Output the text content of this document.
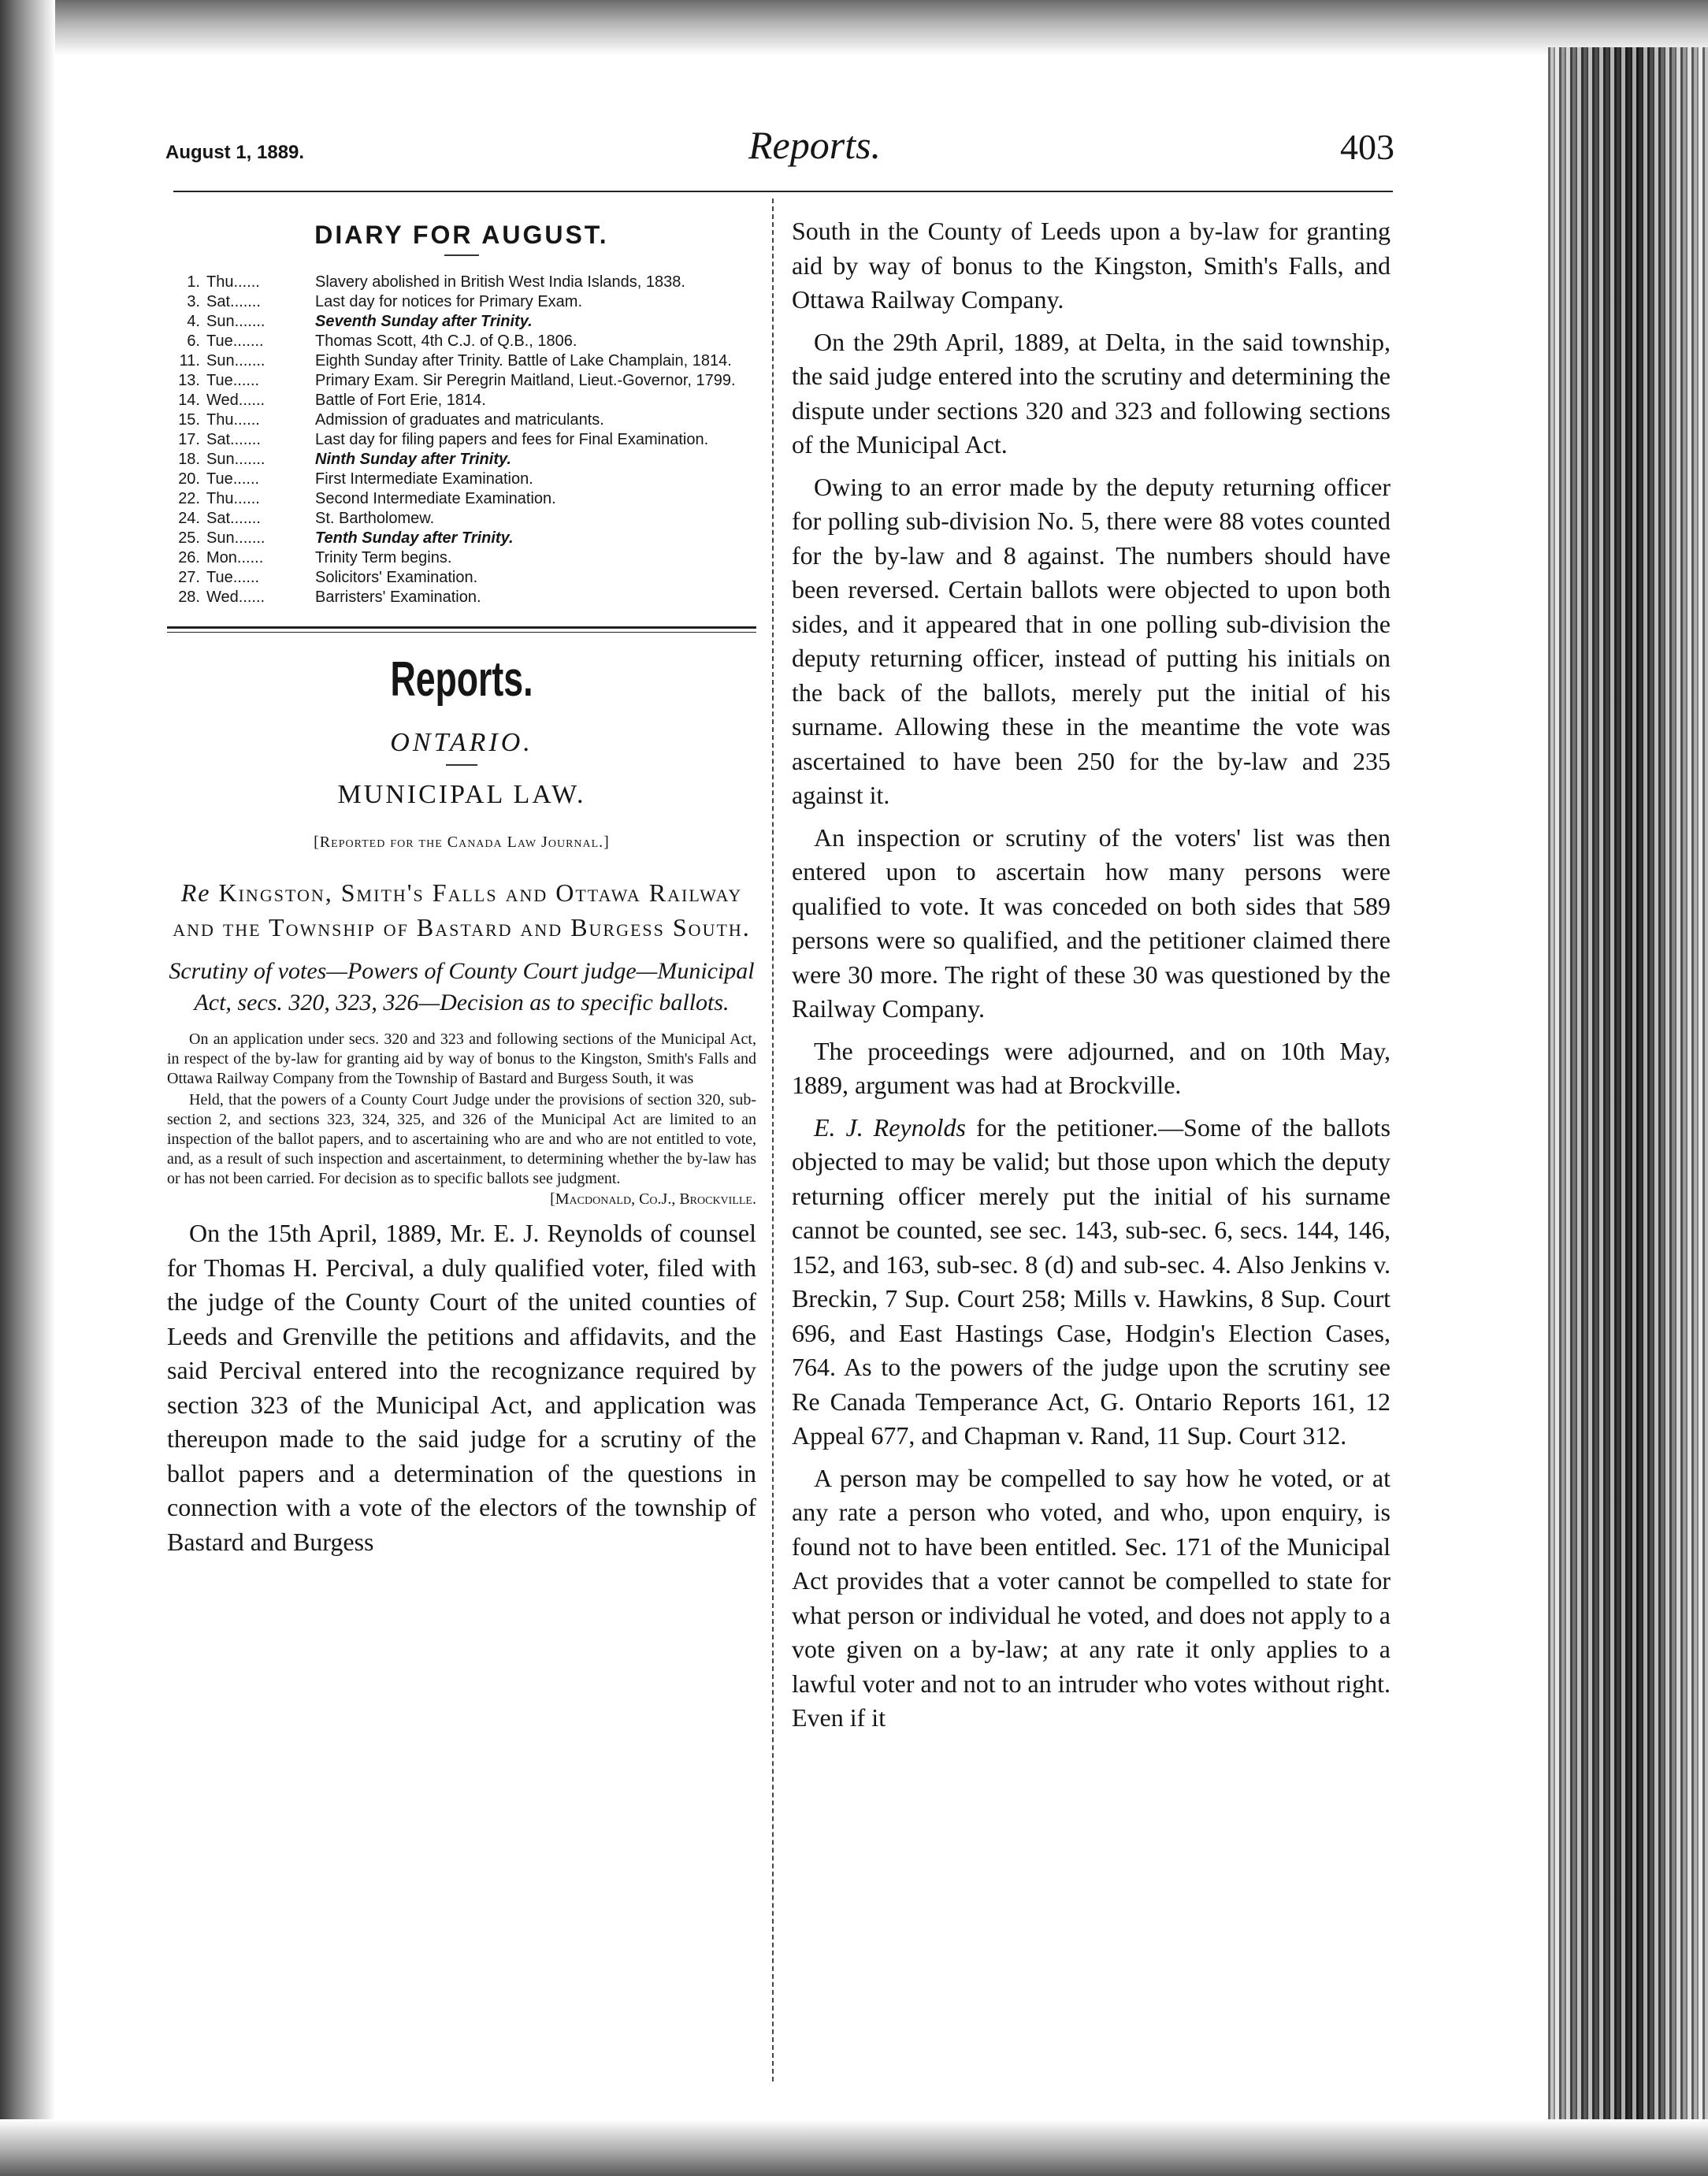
August 1, 1889.	Reports.	403
DIARY FOR AUGUST.
1. Thu......	Slavery abolished in British West India Islands, 1838.
3. Sat.......	Last day for notices for Primary Exam.
4. Sun.......	Seventh Sunday after Trinity.
6. Tue.......	Thomas Scott, 4th C.J. of Q.B., 1806.
11. Sun.......	Eighth Sunday after Trinity. Battle of Lake Champlain, 1814.
13. Tue......	Primary Exam. Sir Peregrin Maitland, Lieut.-Governor, 1799.
14. Wed......	Battle of Fort Erie, 1814.
15. Thu......	Admission of graduates and matriculants.
17. Sat.......	Last day for filing papers and fees for Final Examination.
18. Sun.......	Ninth Sunday after Trinity.
20. Tue......	First Intermediate Examination.
22. Thu......	Second Intermediate Examination.
24. Sat.......	St. Bartholomew.
25. Sun.......	Tenth Sunday after Trinity.
26. Mon......	Trinity Term begins.
27. Tue......	Solicitors' Examination.
28. Wed......	Barristers' Examination.
Reports.
ONTARIO.
MUNICIPAL LAW.
[Reported for the Canada Law Journal.]
Re Kingston, Smith's Falls and Ottawa Railway and the Township of Bastard and Burgess South.
Scrutiny of votes—Powers of County Court judge—Municipal Act, secs. 320, 323, 326—Decision as to specific ballots.

On an application under secs. 320 and 323 and following sections of the Municipal Act, in respect of the by-law for granting aid by way of bonus to the Kingston, Smith's Falls and Ottawa Railway Company from the Township of Bastard and Burgess South, it was

Held, that the powers of a County Court Judge under the provisions of section 320, sub-section 2, and sections 323, 324, 325, and 326 of the Municipal Act are limited to an inspection of the ballot papers, and to ascertaining who are and who are not entitled to vote, and, as a result of such inspection and ascertainment, to determining whether the by-law has or has not been carried. For decision as to specific ballots see judgment.

[Macdonald, Co.J., Brockville.

On the 15th April, 1889, Mr. E. J. Reynolds of counsel for Thomas H. Percival, a duly qualified voter, filed with the judge of the County Court of the united counties of Leeds and Grenville the petitions and affidavits, and the said Percival entered into the recognizance required by section 323 of the Municipal Act, and application was thereupon made to the said judge for a scrutiny of the ballot papers and a determination of the questions in connection with a vote of the electors of the township of Bastard and Burgess

South in the County of Leeds upon a by-law for granting aid by way of bonus to the Kingston, Smith's Falls, and Ottawa Railway Company.

On the 29th April, 1889, at Delta, in the said township, the said judge entered into the scrutiny and determining the dispute under sections 320 and 323 and following sections of the Municipal Act.

Owing to an error made by the deputy returning officer for polling sub-division No. 5, there were 88 votes counted for the by-law and 8 against. The numbers should have been reversed. Certain ballots were objected to upon both sides, and it appeared that in one polling sub-division the deputy returning officer, instead of putting his initials on the back of the ballots, merely put the initial of his surname. Allowing these in the meantime the vote was ascertained to have been 250 for the by-law and 235 against it.

An inspection or scrutiny of the voters' list was then entered upon to ascertain how many persons were qualified to vote. It was conceded on both sides that 589 persons were so qualified, and the petitioner claimed there were 30 more. The right of these 30 was questioned by the Railway Company.

The proceedings were adjourned, and on 10th May, 1889, argument was had at Brockville.

E. J. Reynolds for the petitioner.—Some of the ballots objected to may be valid; but those upon which the deputy returning officer merely put the initial of his surname cannot be counted, see sec. 143, sub-sec. 6, secs. 144, 146, 152, and 163, sub-sec. 8 (d) and sub-sec. 4. Also Jenkins v. Breckin, 7 Sup. Court 258; Mills v. Hawkins, 8 Sup. Court 696, and East Hastings Case, Hodgin's Election Cases, 764. As to the powers of the judge upon the scrutiny see Re Canada Temperance Act, G. Ontario Reports 161, 12 Appeal 677, and Chapman v. Rand, 11 Sup. Court 312.

A person may be compelled to say how he voted, or at any rate a person who voted, and who, upon enquiry, is found not to have been entitled. Sec. 171 of the Municipal Act provides that a voter cannot be compelled to state for what person or individual he voted, and does not apply to a vote given on a by-law; at any rate it only applies to a lawful voter and not to an intruder who votes without right. Even if it
